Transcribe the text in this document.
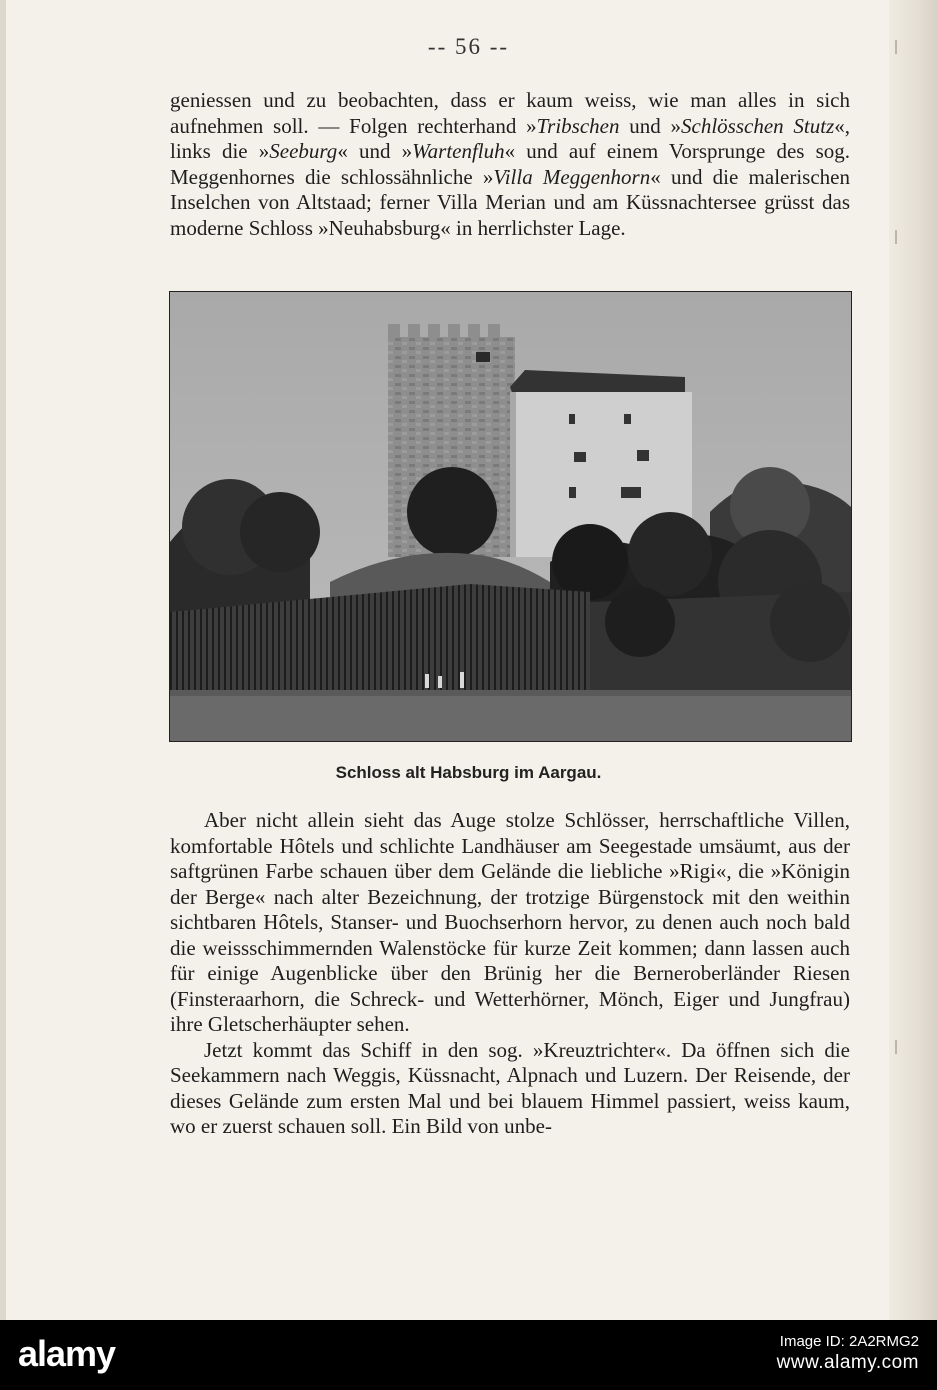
-- 56 --

geniessen und zu beobachten, dass er kaum weiss, wie man alles in sich aufnehmen soll. — Folgen rechterhand »Tribschen und »Schlösschen Stutz«, links die »Seeburg« und »Wartenfluh« und auf einem Vorsprunge des sog. Meggenhornes die schlossähnliche »Villa Meggenhorn« und die malerischen Inselchen von Altstaad; ferner Villa Merian und am Küssnachtersee grüsst das moderne Schloss »Neuhabsburg« in herrlichster Lage.

Schloss alt Habsburg im Aargau.

Aber nicht allein sieht das Auge stolze Schlösser, herrschaftliche Villen, komfortable Hôtels und schlichte Landhäuser am Seegestade umsäumt, aus der saftgrünen Farbe schauen über dem Gelände die liebliche »Rigi«, die »Königin der Berge« nach alter Bezeichnung, der trotzige Bürgenstock mit den weithin sichtbaren Hôtels, Stanser- und Buochserhorn hervor, zu denen auch noch bald die weissschimmernden Walenstöcke für kurze Zeit kommen; dann lassen auch für einige Augenblicke über den Brünig her die Berneroberländer Riesen (Finsteraarhorn, die Schreck- und Wetterhörner, Mönch, Eiger und Jungfrau) ihre Gletscherhäupter sehen.

Jetzt kommt das Schiff in den sog. »Kreuztrichter«. Da öffnen sich die Seekammern nach Weggis, Küssnacht, Alpnach und Luzern. Der Reisende, der dieses Gelände zum ersten Mal und bei blauem Himmel passiert, weiss kaum, wo er zuerst schauen soll. Ein Bild von unbe-

alamy	Image ID: 2A2RMG2
www.alamy.com
